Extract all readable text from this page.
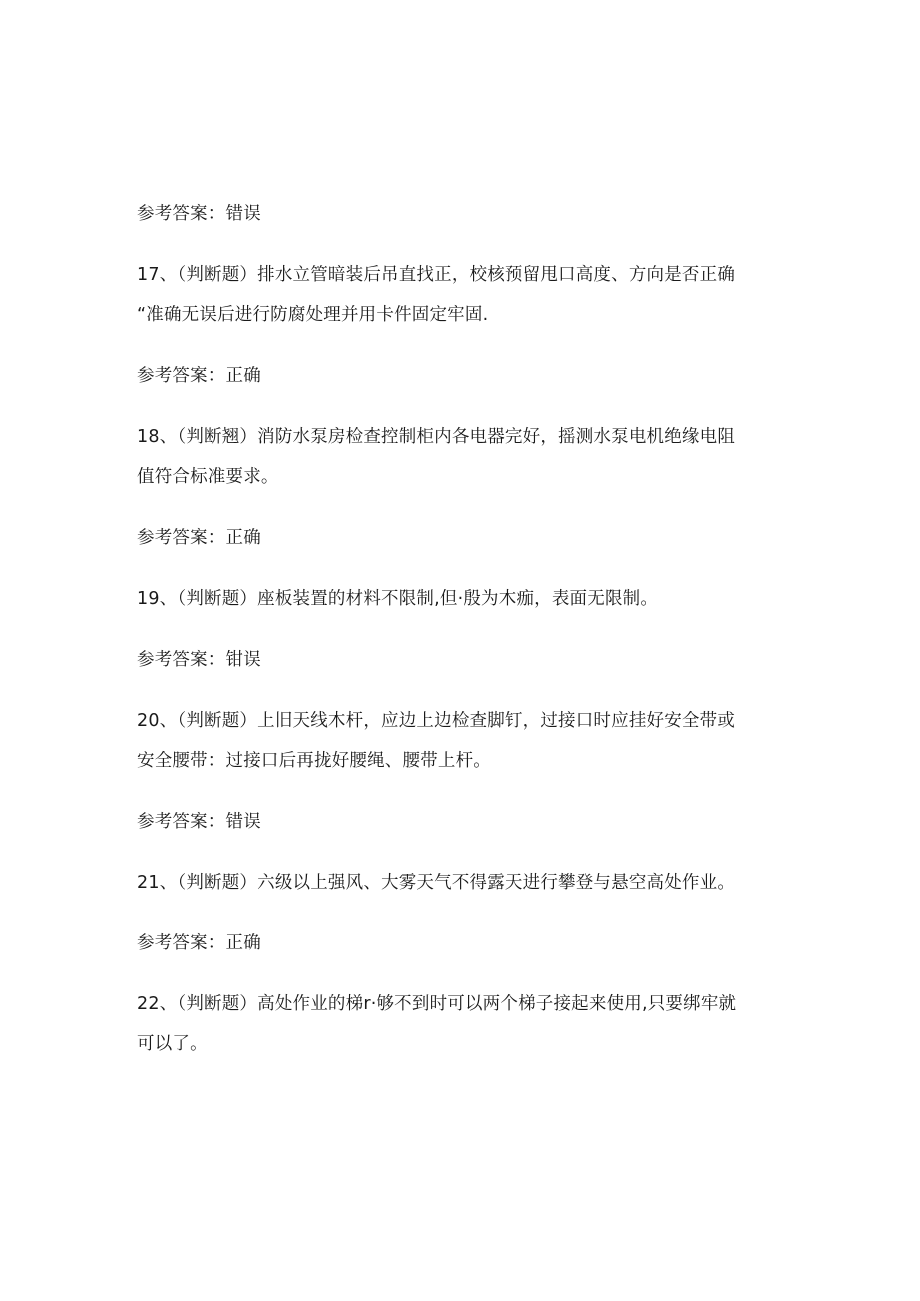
参考答案：错误
17、（判断题）排水立管暗装后吊直找正，校核预留甩口高度、方向是否正确
“准确无误后进行防腐处理并用卡件固定牢固.
参考答案：正确
18、（判断翘）消防水泵房检查控制柜内各电器完好，摇测水泵电机绝缘电阻
值符合标准要求。
参考答案：正确
19、（判断题）座板装置的材料不限制,但·殷为木痂，表面无限制。
参考答案：钳误
20、（判断题）上旧天线木杆，应边上边检查脚钉，过接口时应挂好安全带或
安全腰带：过接口后再拢好腰绳、腰带上杆。
参考答案：错误
21、（判断题）六级以上强风、大雾天气不得露天进行攀登与悬空高处作业。
参考答案：正确
22、（判断题）高处作业的梯r·够不到时可以两个梯子接起来使用,只要绑牢就
可以了。
